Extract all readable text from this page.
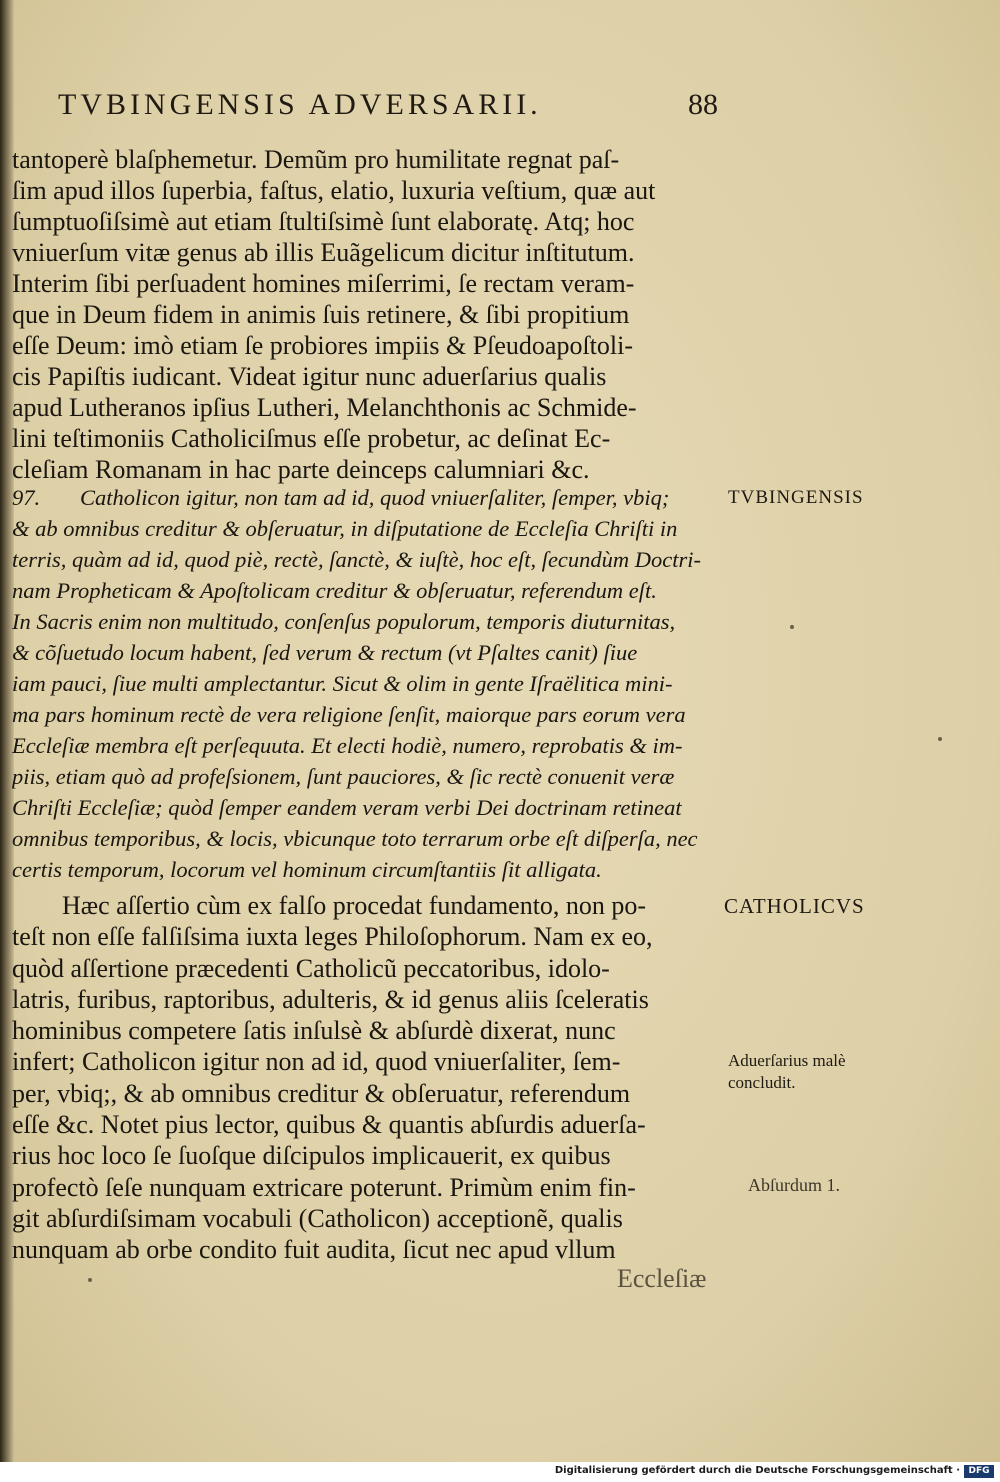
TVBINGENSIS ADVERSARII.	88
tantoperè blaſphemetur. Demũm pro humilitate regnat paſ-
ſim apud illos ſuperbia, faſtus, elatio, luxuria veſtium, quæ aut
ſumptuoſiſsimè aut etiam ſtultiſsimè ſunt elaboratę. Atq; hoc
vniuerſum vitæ genus ab illis Euãgelicum dicitur inſtitutum.
Interim ſibi perſuadent homines miſerrimi, ſe rectam veram-
que in Deum fidem in animis ſuis retinere, & ſibi propitium
eſſe Deum: imò etiam ſe probiores impiis & Pſeudoapoſtoli-
cis Papiſtis iudicant. Videat igitur nunc aduerſarius qualis
apud Lutheranos ipſius Lutheri, Melanchthonis ac Schmide-
lini teſtimoniis Catholiciſmus eſſe probetur, ac deſinat Ec-
cleſiam Romanam in hac parte deinceps calumniari &c.
97. Catholicon igitur, non tam ad id, quod vniuerſaliter, ſemper, vbiq;
& ab omnibus creditur & obſeruatur, in diſputatione de Eccleſia Chriſti in
terris, quàm ad id, quod piè, rectè, ſanctè, & iuſtè, hoc eſt, ſecundùm Doctri-
nam Propheticam & Apoſtolicam creditur & obſeruatur, referendum eſt.
In Sacris enim non multitudo, conſenſus populorum, temporis diuturnitas,
& cõſuetudo locum habent, ſed verum & rectum (vt Pſaltes canit) ſiue
iam pauci, ſiue multi amplectantur. Sicut & olim in gente Iſraëlitica mini-
ma pars hominum rectè de vera religione ſenſit, maiorque pars eorum vera
Eccleſiæ membra eſt perſequuta. Et electi hodiè, numero, reprobatis & im-
piis, etiam quò ad profeſsionem, ſunt pauciores, & ſic rectè conuenit veræ
Chriſti Eccleſiæ; quòd ſemper eandem veram verbi Dei doctrinam retineat
omnibus temporibus, & locis, vbicunque toto terrarum orbe eſt diſperſa, nec
certis temporum, locorum vel hominum circumſtantiis ſit alligata.
Hæc aſſertio cùm ex falſo procedat fundamento, non po-
teſt non eſſe falſiſsima iuxta leges Philoſophorum. Nam ex eo,
quòd aſſertione præcedenti Catholicũ peccatoribus, idolo-
latris, furibus, raptoribus, adulteris, & id genus aliis ſceleratis
hominibus competere ſatis inſulsè & abſurdè dixerat, nunc
infert; Catholicon igitur non ad id, quod vniuerſaliter, ſem-
per, vbiq;, & ab omnibus creditur & obſeruatur, referendum
eſſe &c. Notet pius lector, quibus & quantis abſurdis aduerſa-
rius hoc loco ſe ſuoſque diſcipulos implicauerit, ex quibus
profectò ſeſe nunquam extricare poterunt. Primùm enim fin-
git abſurdiſsimam vocabuli (Catholicon) acceptionẽ, qualis
nunquam ab orbe condito fuit audita, ſicut nec apud vllum
TVBINGENSIS
CATHOLICVS
Aduerſarius malè
concludit.
Abſurdum 1.
Eccleſiæ
Digitalisierung gefördert durch die Deutsche Forschungsgemeinschaft · DFG
